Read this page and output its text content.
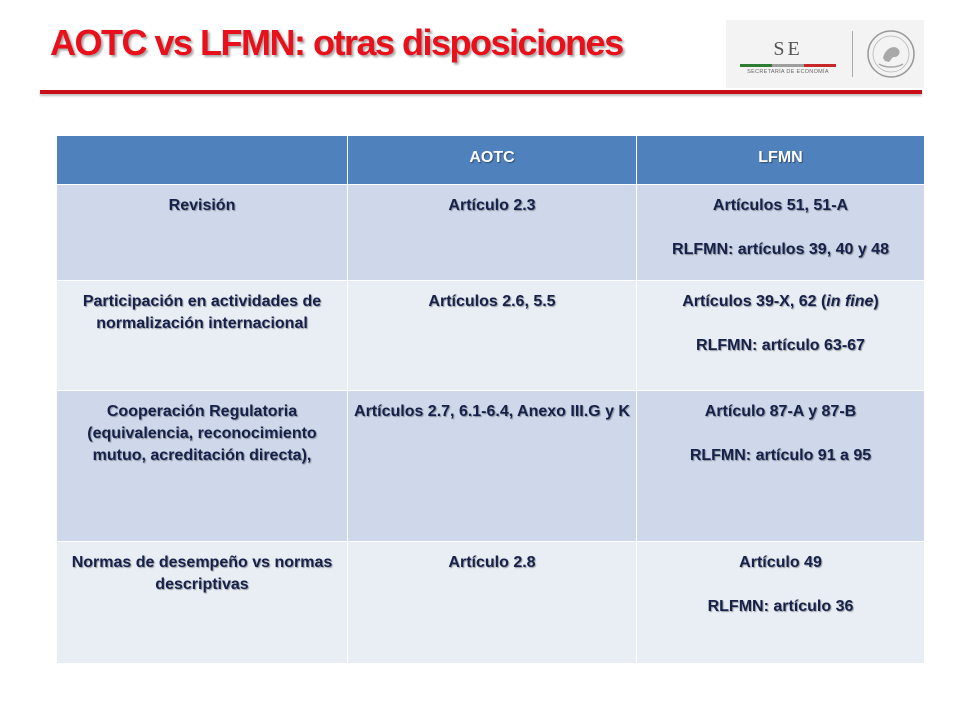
AOTC vs LFMN: otras disposiciones	SE
SECRETARÍA DE ECONOMÍA
	AOTC	LFMN
Revisión	Artículo 2.3	Artículos 51, 51-A
RLFMN: artículos 39, 40 y 48
Participación en actividades de normalización internacional	Artículos 2.6, 5.5	Artículos 39-X, 62 (in fine)
RLFMN: artículo 63-67
Cooperación Regulatoria (equivalencia, reconocimiento mutuo, acreditación directa),	Artículos 2.7, 6.1-6.4, Anexo III.G y K	Artículo 87-A y 87-B
RLFMN: artículo 91 a 95
Normas de desempeño vs normas descriptivas	Artículo 2.8	Artículo 49
RLFMN: artículo 36
